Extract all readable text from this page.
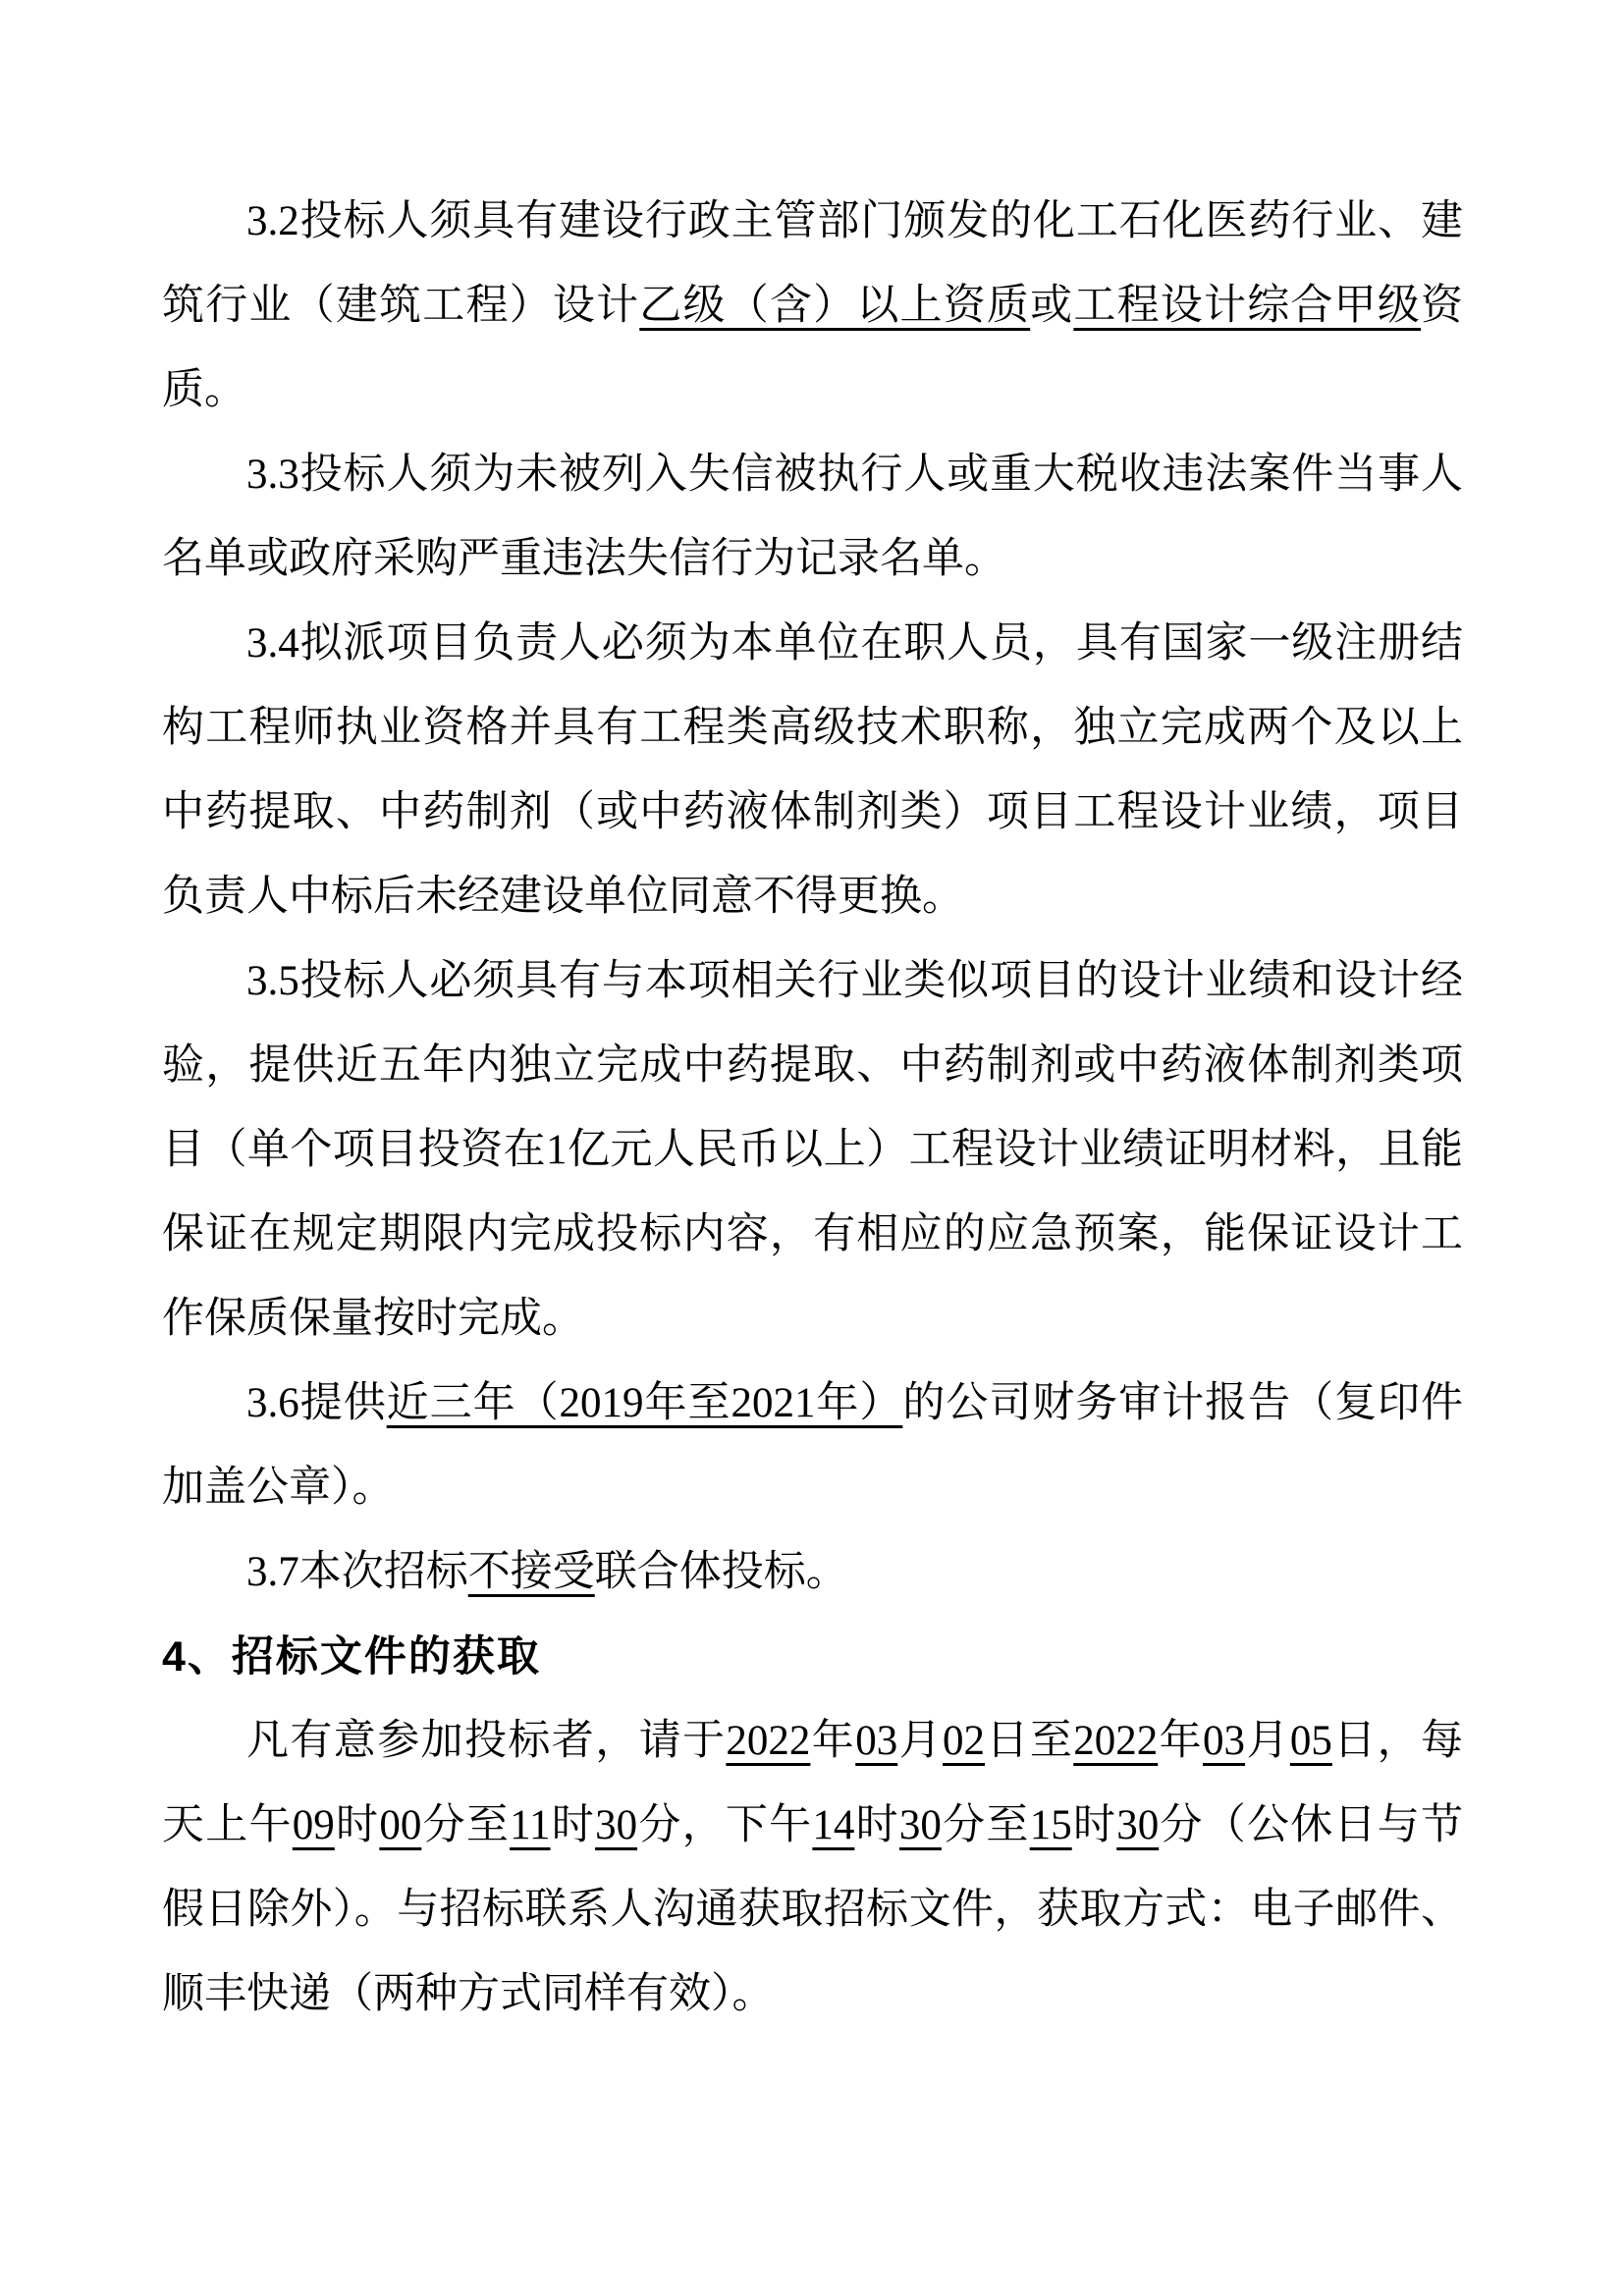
3.2投标人须具有建设行政主管部门颁发的化工石化医药行业、建筑行业（建筑工程）设计乙级（含）以上资质或工程设计综合甲级资质。

3.3投标人须为未被列入失信被执行人或重大税收违法案件当事人名单或政府采购严重违法失信行为记录名单。

3.4拟派项目负责人必须为本单位在职人员，具有国家一级注册结构工程师执业资格并具有工程类高级技术职称，独立完成两个及以上中药提取、中药制剂（或中药液体制剂类）项目工程设计业绩，项目负责人中标后未经建设单位同意不得更换。

3.5投标人必须具有与本项相关行业类似项目的设计业绩和设计经验，提供近五年内独立完成中药提取、中药制剂或中药液体制剂类项目（单个项目投资在1亿元人民币以上）工程设计业绩证明材料，且能保证在规定期限内完成投标内容，有相应的应急预案，能保证设计工作保质保量按时完成。

3.6提供近三年（2019年至2021年）的公司财务审计报告（复印件加盖公章）。

3.7本次招标不接受联合体投标。

4、招标文件的获取

凡有意参加投标者，请于2022年03月02日至2022年03月05日，每天上午09时00分至11时30分，下午14时30分至15时30分（公休日与节假日除外）。与招标联系人沟通获取招标文件，获取方式：电子邮件、顺丰快递（两种方式同样有效）。
